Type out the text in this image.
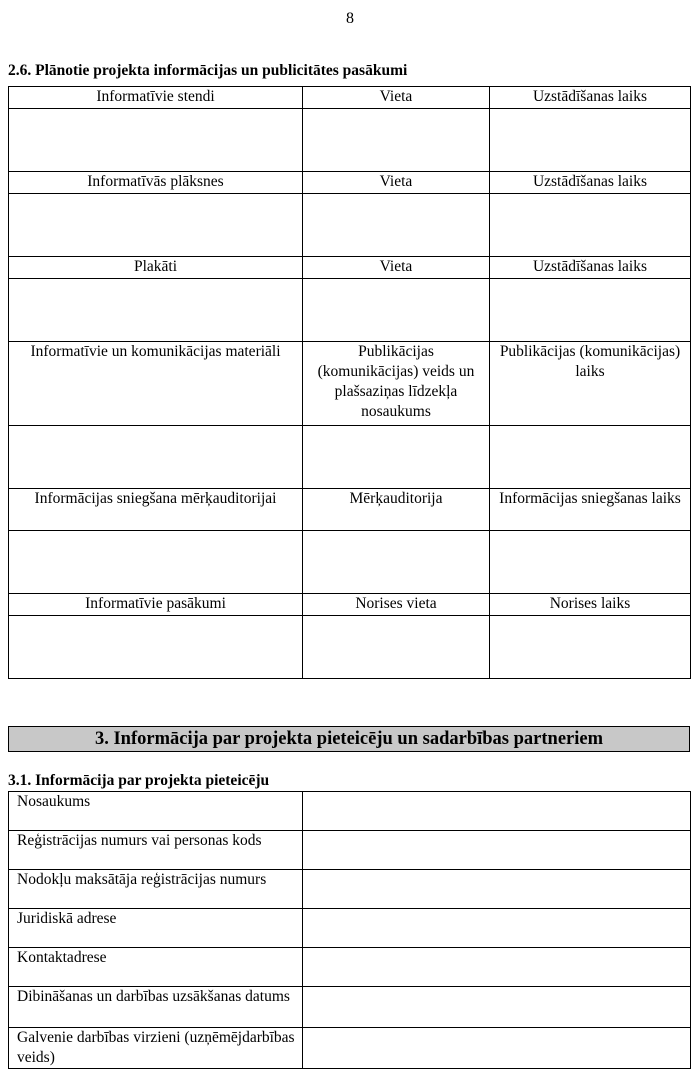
8
2.6. Plānotie projekta informācijas un publicitātes pasākumi
Informatīvie stendi	Vieta	Uzstādīšanas laiks

Informatīvās plāksnes	Vieta	Uzstādīšanas laiks

Plakāti	Vieta	Uzstādīšanas laiks

Informatīvie un komunikācijas materiāli	Publikācijas (komunikācijas) veids un plašsaziņas līdzekļa nosaukums	Publikācijas (komunikācijas) laiks

Informācijas sniegšana mērķauditorijai	Mērķauditorija	Informācijas sniegšanas laiks

Informatīvie pasākumi	Norises vieta	Norises laiks

3. Informācija par projekta pieteicēju un sadarbības partneriem
3.1. Informācija par projekta pieteicēju
Nosaukums	
Reģistrācijas numurs vai personas kods	
Nodokļu maksātāja reģistrācijas numurs	
Juridiskā adrese	
Kontaktadrese	
Dibināšanas un darbības uzsākšanas datums	
Galvenie darbības virzieni (uzņēmējdarbības veids)	
